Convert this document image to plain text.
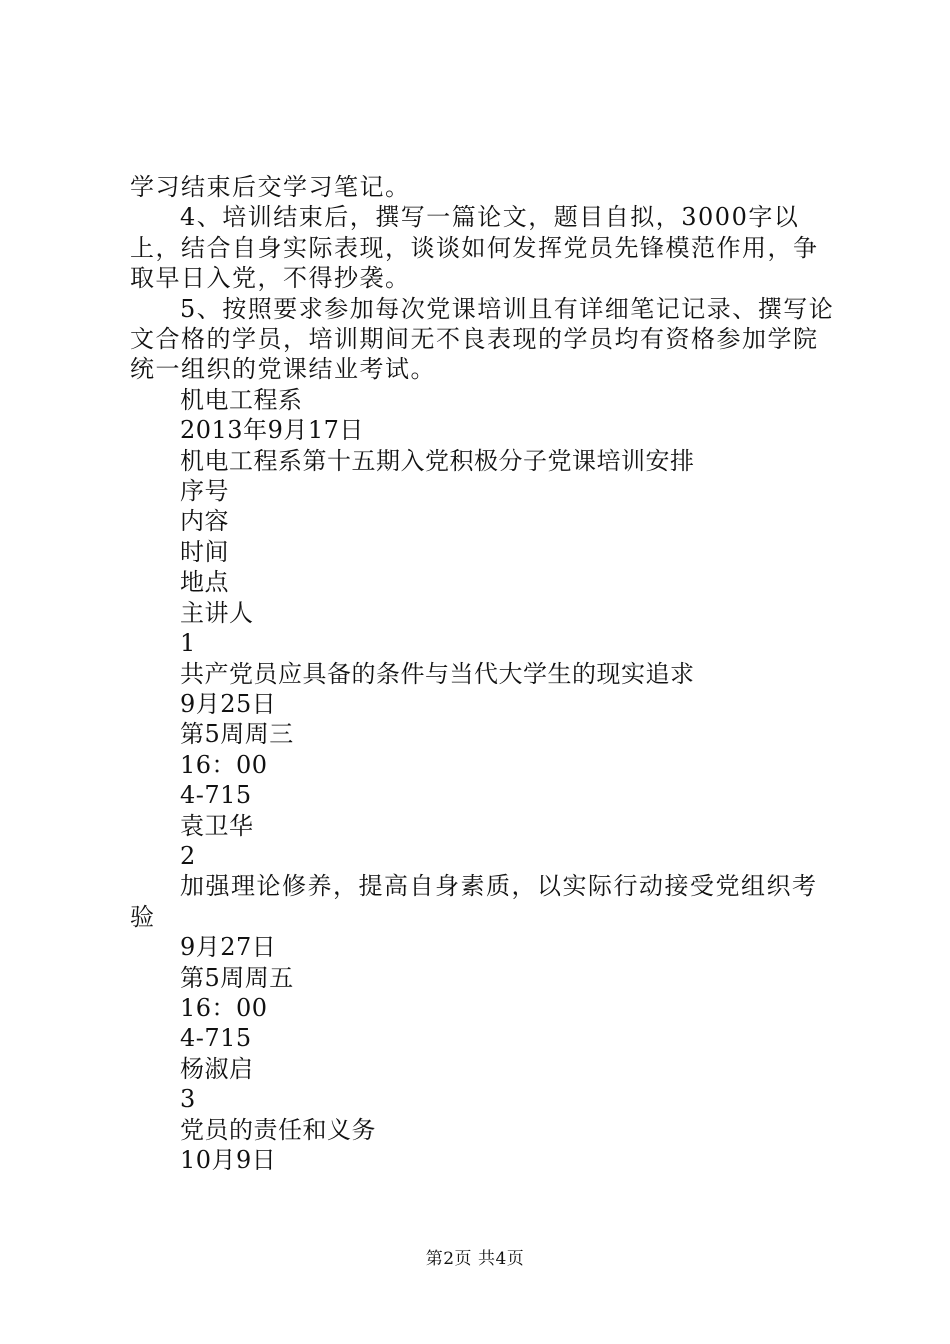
学习结束后交学习笔记。

4、培训结束后，撰写一篇论文，题目自拟，3000字以上，结合自身实际表现，谈谈如何发挥党员先锋模范作用，争取早日入党，不得抄袭。

5、按照要求参加每次党课培训且有详细笔记记录、撰写论文合格的学员，培训期间无不良表现的学员均有资格参加学院统一组织的党课结业考试。

机电工程系

2013年9月17日

机电工程系第十五期入党积极分子党课培训安排

序号

内容

时间

地点

主讲人

1

共产党员应具备的条件与当代大学生的现实追求

9月25日

第5周周三

16：00

4-715

袁卫华

2

加强理论修养，提高自身素质，以实际行动接受党组织考验

9月27日

第5周周五

16：00

4-715

杨淑启

3

党员的责任和义务

10月9日

第2页 共4页
